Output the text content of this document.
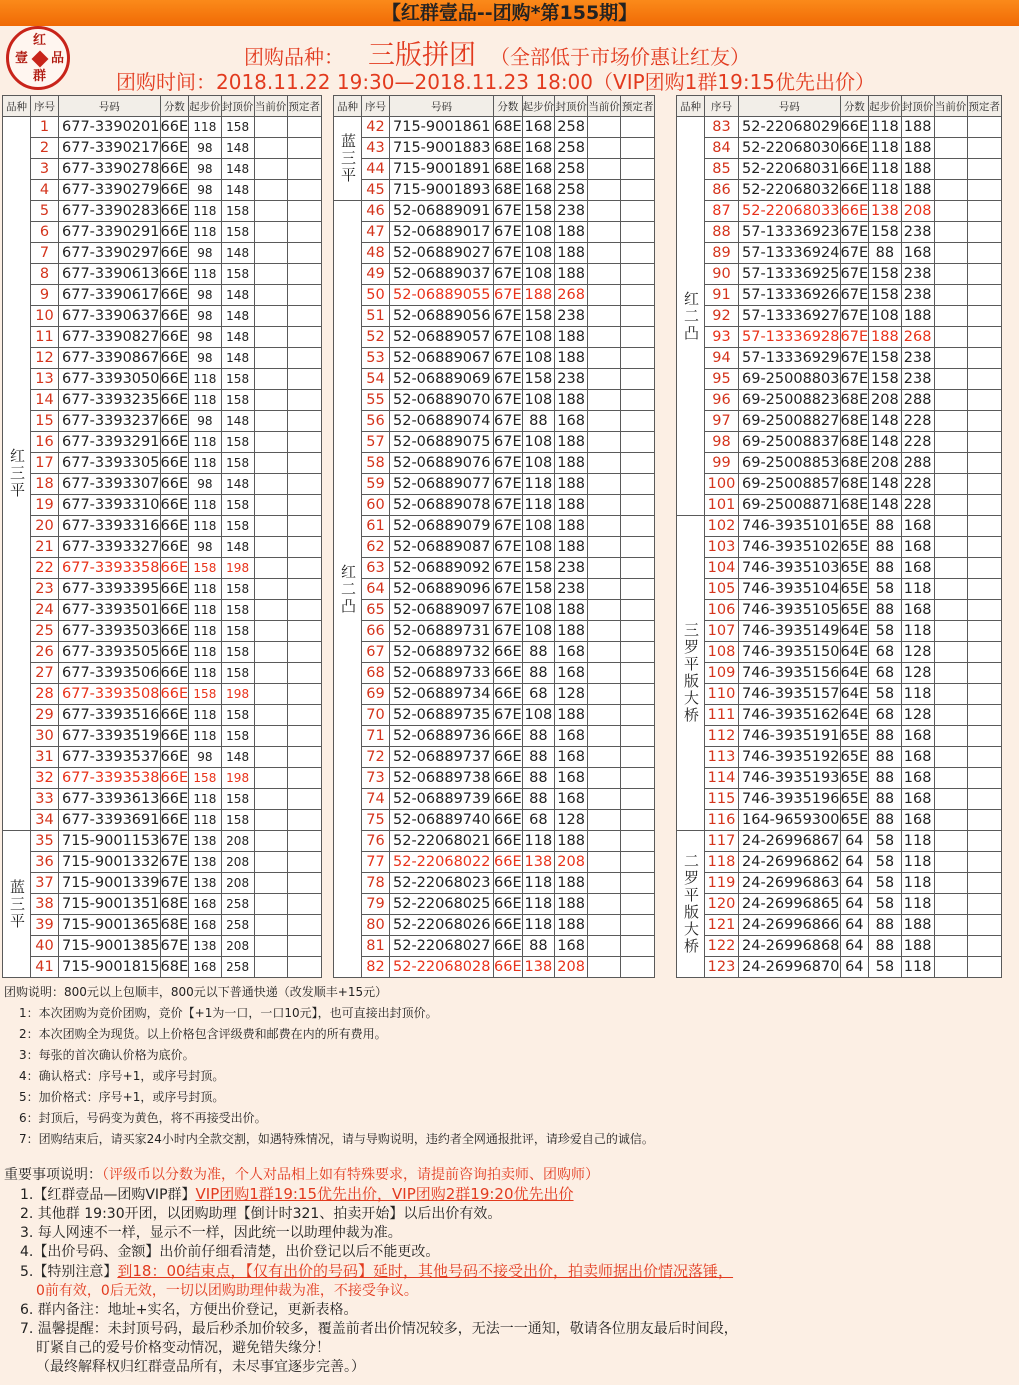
【红群壹品--团购*第155期】
红
壹 品
群
团购品种： 三版拼团 （全部低于市场价惠让红友）
团购时间：2018.11.22 19:30—2018.11.23 18:00（VIP团购1群19:15优先出价）
品种	序号	号码	分数	起步价	封顶价	当前价	预定者
红三平	1	677-3390201	66E	118	158		
	2	677-3390217	66E	98	148		
	3	677-3390278	66E	98	148		
	4	677-3390279	66E	98	148		
	5	677-3390283	66E	118	158		
	6	677-3390291	66E	118	158		
	7	677-3390297	66E	98	148		
	8	677-3390613	66E	118	158		
	9	677-3390617	66E	98	148		
	10	677-3390637	66E	98	148		
	11	677-3390827	66E	98	148		
	12	677-3390867	66E	98	148		
	13	677-3393050	66E	118	158		
	14	677-3393235	66E	118	158		
	15	677-3393237	66E	98	148		
	16	677-3393291	66E	118	158		
	17	677-3393305	66E	118	158		
	18	677-3393307	66E	98	148		
	19	677-3393310	66E	118	158		
	20	677-3393316	66E	118	158		
	21	677-3393327	66E	98	148		
	22	677-3393358	66E	158	198		
	23	677-3393395	66E	118	158		
	24	677-3393501	66E	118	158		
	25	677-3393503	66E	118	158		
	26	677-3393505	66E	118	158		
	27	677-3393506	66E	118	158		
	28	677-3393508	66E	158	198		
	29	677-3393516	66E	118	158		
	30	677-3393519	66E	118	158		
	31	677-3393537	66E	98	148		
	32	677-3393538	66E	158	198		
	33	677-3393613	66E	118	158		
	34	677-3393691	66E	118	158		
蓝三平	35	715-9001153	67E	138	208		
	36	715-9001332	67E	138	208		
	37	715-9001339	67E	138	208		
	38	715-9001351	68E	168	258		
	39	715-9001365	68E	168	258		
	40	715-9001385	67E	138	208		
	41	715-9001815	68E	168	258		
品种	序号	号码	分数	起步价	封顶价	当前价	预定者
蓝三平	42	715-9001861	68E	168	258		
	43	715-9001883	68E	168	258		
	44	715-9001891	68E	168	258		
	45	715-9001893	68E	168	258		
红二凸	46	52-06889091	67E	158	238		
	47	52-06889017	67E	108	188		
	48	52-06889027	67E	108	188		
	49	52-06889037	67E	108	188		
	50	52-06889055	67E	188	268		
	51	52-06889056	67E	158	238		
	52	52-06889057	67E	108	188		
	53	52-06889067	67E	108	188		
	54	52-06889069	67E	158	238		
	55	52-06889070	67E	108	188		
	56	52-06889074	67E	88	168		
	57	52-06889075	67E	108	188		
	58	52-06889076	67E	108	188		
	59	52-06889077	67E	118	188		
	60	52-06889078	67E	118	188		
	61	52-06889079	67E	108	188		
	62	52-06889087	67E	108	188		
	63	52-06889092	67E	158	238		
	64	52-06889096	67E	158	238		
	65	52-06889097	67E	108	188		
	66	52-06889731	67E	108	188		
	67	52-06889732	66E	88	168		
	68	52-06889733	66E	88	168		
	69	52-06889734	66E	68	128		
	70	52-06889735	67E	108	188		
	71	52-06889736	66E	88	168		
	72	52-06889737	66E	88	168		
	73	52-06889738	66E	88	168		
	74	52-06889739	66E	88	168		
	75	52-06889740	66E	68	128		
	76	52-22068021	66E	118	188		
	77	52-22068022	66E	138	208		
	78	52-22068023	66E	118	188		
	79	52-22068025	66E	118	188		
	80	52-22068026	66E	118	188		
	81	52-22068027	66E	88	168		
	82	52-22068028	66E	138	208		
品种	序号	号码	分数	起步价	封顶价	当前价	预定者
红二凸	83	52-22068029	66E	118	188		
	84	52-22068030	66E	118	188		
	85	52-22068031	66E	118	188		
	86	52-22068032	66E	118	188		
	87	52-22068033	66E	138	208		
	88	57-13336923	67E	158	238		
	89	57-13336924	67E	88	168		
	90	57-13336925	67E	158	238		
	91	57-13336926	67E	158	238		
	92	57-13336927	67E	108	188		
	93	57-13336928	67E	188	268		
	94	57-13336929	67E	158	238		
	95	69-25008803	67E	158	238		
	96	69-25008823	68E	208	288		
	97	69-25008827	68E	148	228		
	98	69-25008837	68E	148	228		
	99	69-25008853	68E	208	288		
	100	69-25008857	68E	148	228		
	101	69-25008871	68E	148	228		
三罗平版大桥	102	746-3935101	65E	88	168		
	103	746-3935102	65E	88	168		
	104	746-3935103	65E	88	168		
	105	746-3935104	65E	58	118		
	106	746-3935105	65E	88	168		
	107	746-3935149	64E	58	118		
	108	746-3935150	64E	68	128		
	109	746-3935156	64E	68	128		
	110	746-3935157	64E	58	118		
	111	746-3935162	64E	68	128		
	112	746-3935191	65E	88	168		
	113	746-3935192	65E	88	168		
	114	746-3935193	65E	88	168		
	115	746-3935196	65E	88	168		
	116	164-9659300	65E	88	168		
二罗平版大桥	117	24-26996867	64	58	118		
	118	24-26996862	64	58	118		
	119	24-26996863	64	58	118		
	120	24-26996865	64	58	118		
	121	24-26996866	64	88	188		
	122	24-26996868	64	88	188		
	123	24-26996870	64	58	118		
团购说明：800元以上包顺丰，800元以下普通快递（改发顺丰+15元）
1：本次团购为竞价团购，竞价【+1为一口，一口10元】，也可直接出封顶价。
2：本次团购全为现货。以上价格包含评级费和邮费在内的所有费用。
3：每张的首次确认价格为底价。
4：确认格式：序号+1，或序号封顶。
5：加价格式：序号+1，或序号封顶。
6：封顶后，号码变为黄色，将不再接受出价。
7：团购结束后，请买家24小时内全款交割，如遇特殊情况，请与导购说明，违约者全网通报批评，请珍爱自己的诚信。
重要事项说明：（评级币以分数为准，个人对品相上如有特殊要求，请提前咨询拍卖师、团购师）
1.【红群壹品—团购VIP群】VIP团购1群19:15优先出价，VIP团购2群19:20优先出价
2. 其他群 19:30开团，以团购助理【倒计时321、拍卖开始】以后出价有效。
3. 每人网速不一样，显示不一样，因此统一以助理仲裁为准。
4.【出价号码、金额】出价前仔细看清楚，出价登记以后不能更改。
5.【特别注意】到18：00结束点，【仅有出价的号码】延时，其他号码不接受出价，拍卖师据出价情况落锤，
0前有效，0后无效，一切以团购助理仲裁为准，不接受争议。
6. 群内备注：地址+实名，方便出价登记，更新表格。
7. 温馨提醒：未封顶号码，最后秒杀加价较多，覆盖前者出价情况较多，无法一一通知，敬请各位朋友最后时间段，
盯紧自己的爱号价格变动情况，避免错失缘分！
（最终解释权归红群壹品所有，未尽事宜逐步完善。）
